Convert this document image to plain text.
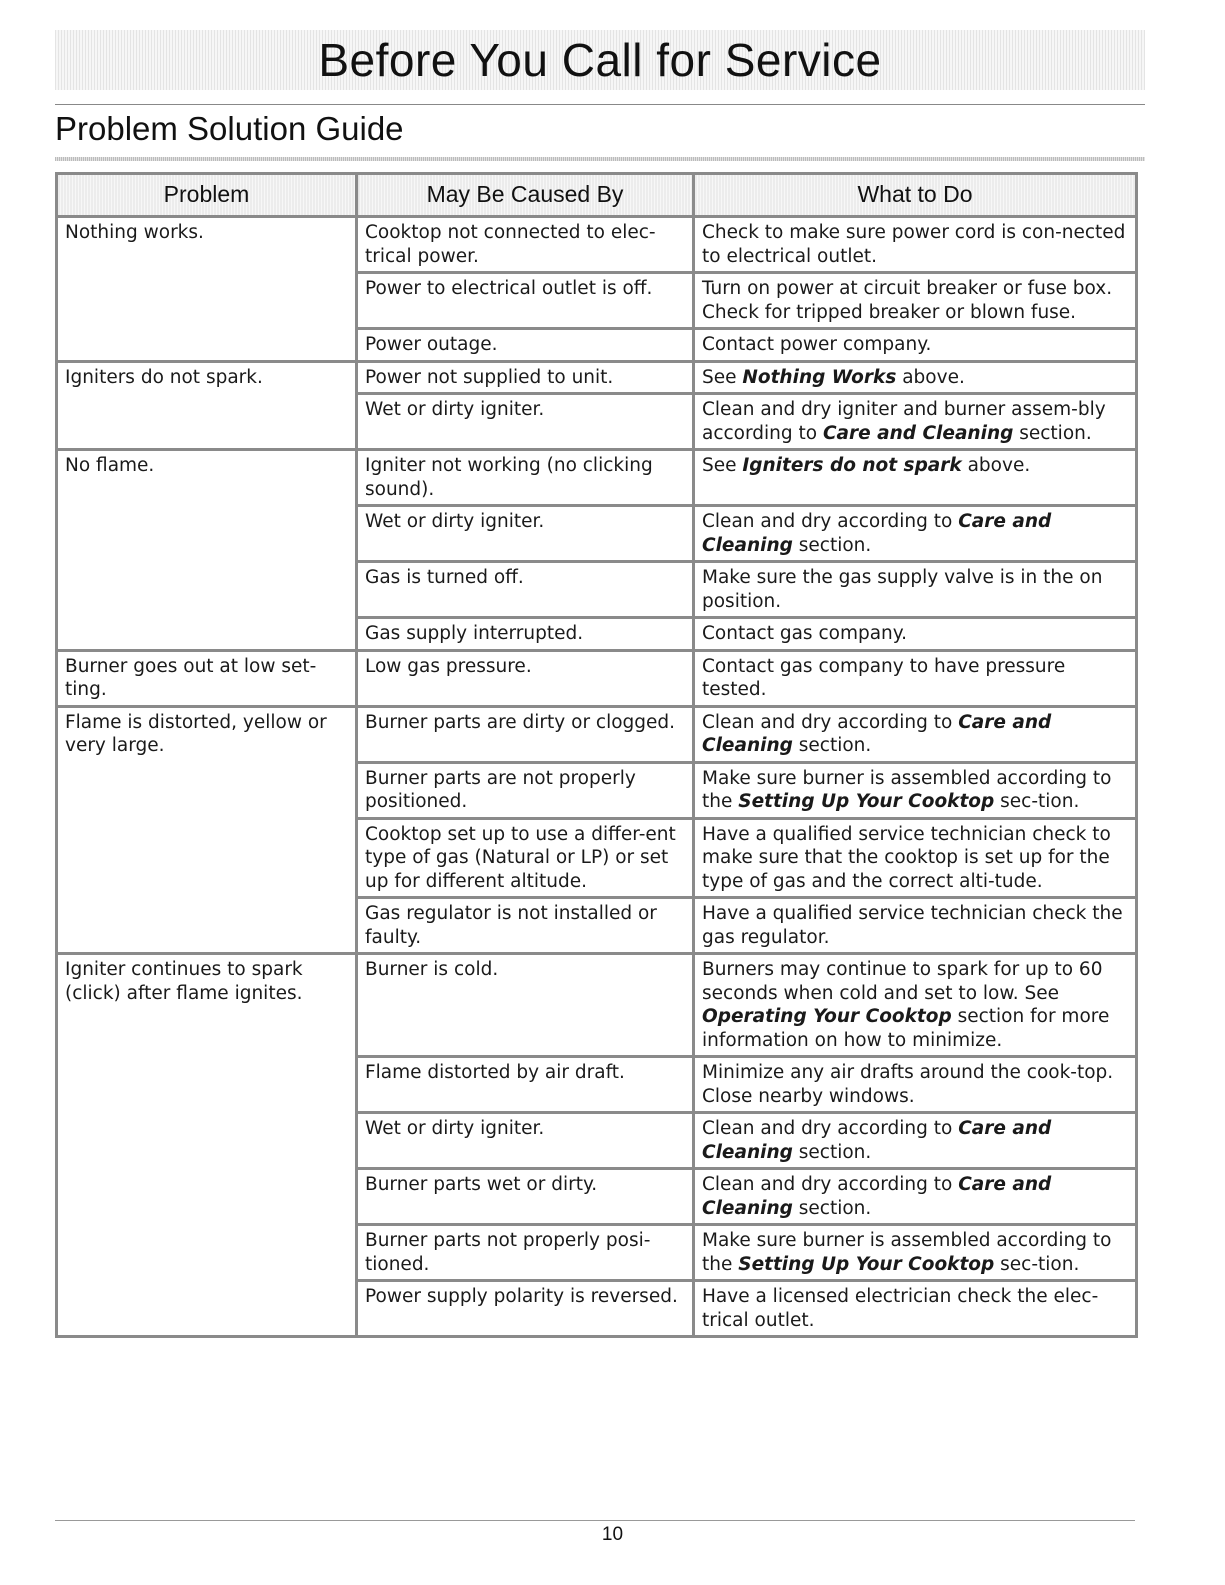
Before You Call for Service
Problem Solution Guide
Problem	May Be Caused By	What to Do
Nothing works.	Cooktop not connected to elec-trical power.	Check to make sure power cord is con-nected to electrical outlet.
	Power to electrical outlet is off.	Turn on power at circuit breaker or fuse box. Check for tripped breaker or blown fuse.
	Power outage.	Contact power company.
Igniters do not spark.	Power not supplied to unit.	See Nothing Works above.
	Wet or dirty igniter.	Clean and dry igniter and burner assem-bly according to Care and Cleaning section.
No flame.	Igniter not working (no clicking sound).	See Igniters do not spark above.
	Wet or dirty igniter.	Clean and dry according to Care and Cleaning section.
	Gas is turned off.	Make sure the gas supply valve is in the on position.
	Gas supply interrupted.	Contact gas company.
Burner goes out at low set-ting.	Low gas pressure.	Contact gas company to have pressure tested.
Flame is distorted, yellow or very large.	Burner parts are dirty or clogged.	Clean and dry according to Care and Cleaning section.
	Burner parts are not properly positioned.	Make sure burner is assembled according to the Setting Up Your Cooktop sec-tion.
	Cooktop set up to use a differ-ent type of gas (Natural or LP) or set up for different altitude.	Have a qualified service technician check to make sure that the cooktop is set up for the type of gas and the correct alti-tude.
	Gas regulator is not installed or faulty.	Have a qualified service technician check the gas regulator.
Igniter continues to spark (click) after flame ignites.	Burner is cold.	Burners may continue to spark for up to 60 seconds when cold and set to low. See Operating Your Cooktop section for more information on how to minimize.
	Flame distorted by air draft.	Minimize any air drafts around the cook-top. Close nearby windows.
	Wet or dirty igniter.	Clean and dry according to Care and Cleaning section.
	Burner parts wet or dirty.	Clean and dry according to Care and Cleaning section.
	Burner parts not properly posi-tioned.	Make sure burner is assembled according to the Setting Up Your Cooktop sec-tion.
	Power supply polarity is reversed.	Have a licensed electrician check the elec-trical outlet.
10
